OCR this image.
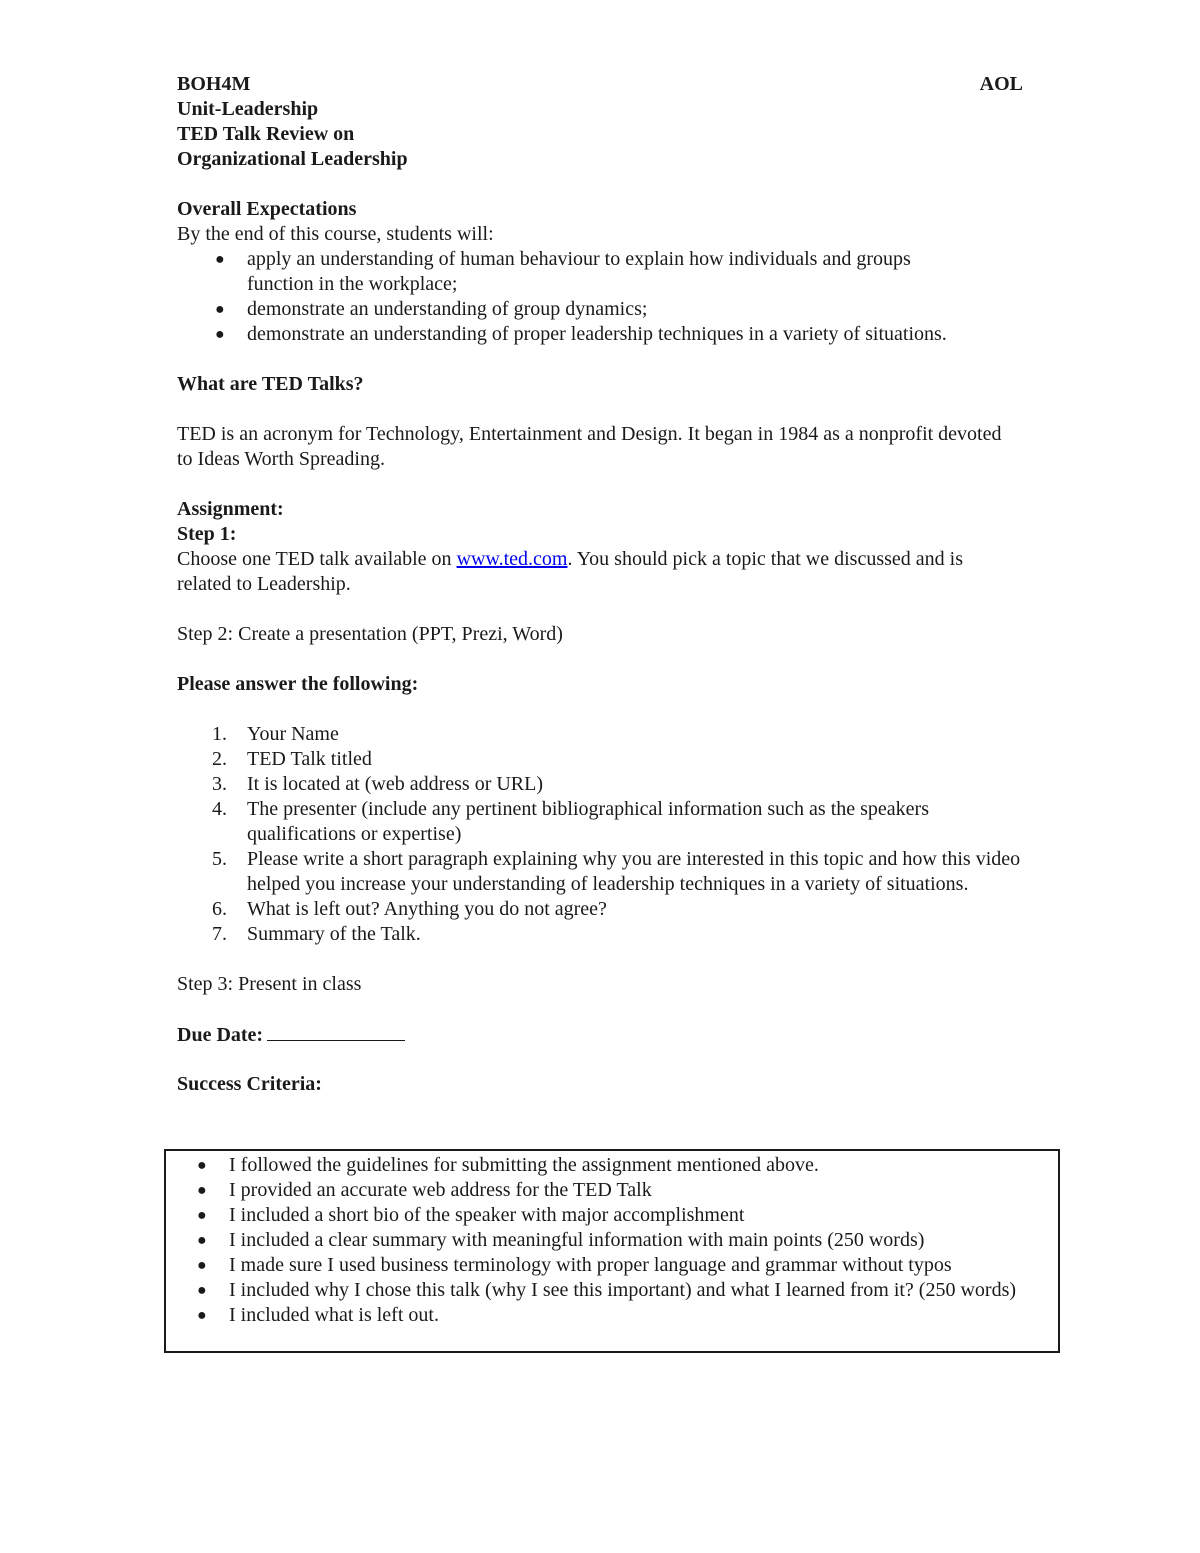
BOH4M	AOL
Unit-Leadership
TED Talk Review on
Organizational Leadership
Overall Expectations
By the end of this course, students will:
● apply an understanding of human behaviour to explain how individuals and groups function in the workplace;
● demonstrate an understanding of group dynamics;
● demonstrate an understanding of proper leadership techniques in a variety of situations.
What are TED Talks?
TED is an acronym for Technology, Entertainment and Design. It began in 1984 as a nonprofit devoted to Ideas Worth Spreading.
Assignment:
Step 1:
Choose one TED talk available on www.ted.com. You should pick a topic that we discussed and is related to Leadership.
Step 2: Create a presentation (PPT, Prezi, Word)
Please answer the following:
1. Your Name
2. TED Talk titled
3. It is located at (web address or URL)
4. The presenter (include any pertinent bibliographical information such as the speakers qualifications or expertise)
5. Please write a short paragraph explaining why you are interested in this topic and how this video helped you increase your understanding of leadership techniques in a variety of situations.
6. What is left out? Anything you do not agree?
7. Summary of the Talk.
Step 3: Present in class
Due Date:
Success Criteria:
● I followed the guidelines for submitting the assignment mentioned above.
● I provided an accurate web address for the TED Talk
● I included a short bio of the speaker with major accomplishment
● I included a clear summary with meaningful information with main points (250 words)
● I made sure I used business terminology with proper language and grammar without typos
● I included why I chose this talk (why I see this important) and what I learned from it? (250 words)
● I included what is left out.
